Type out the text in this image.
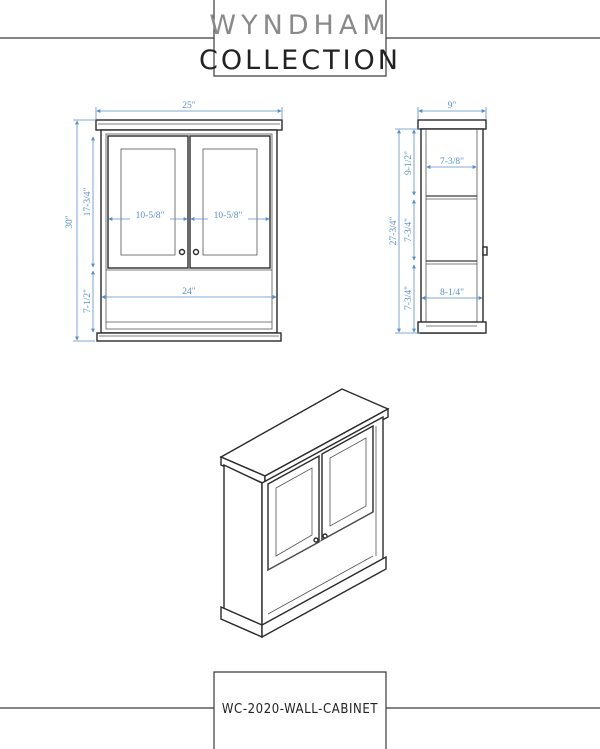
WYNDHAM
COLLECTION
25"
30"
17-3/4"
7-1/2"
10-5/8"	10-5/8"
24"
9"
27-3/4"
9-1/2"
7-3/4"
7-3/4"
7-3/8"
8-1/4"
WC-2020-WALL-CABINET
